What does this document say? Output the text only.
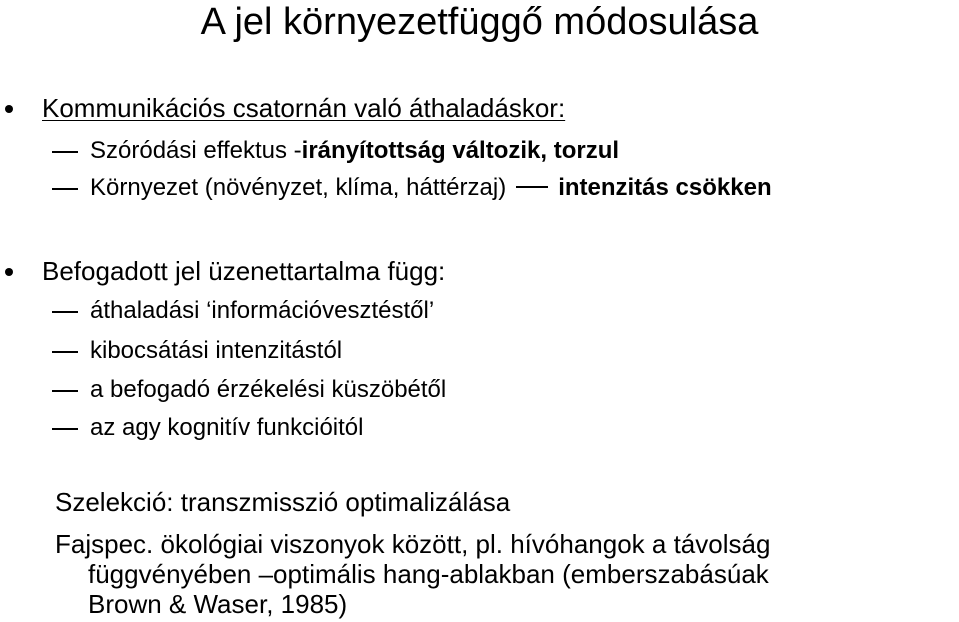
A jel környezetfüggő módosulása
Kommunikációs csatornán való áthaladáskor:
Szóródási effektus -irányítottság változik, torzul
Környezet (növényzet, klíma, háttérzaj) intenzitás csökken
Befogadott jel üzenettartalma függ:
áthaladási ‘információvesztéstől’
kibocsátási intenzitástól
a befogadó érzékelési küszöbétől
az agy kognitív funkcióitól
Szelekció: transzmisszió optimalizálása
Fajspec. ökológiai viszonyok között, pl. hívóhangok a távolság
függvényében –optimális hang-ablakban (emberszabásúak
Brown & Waser, 1985)
